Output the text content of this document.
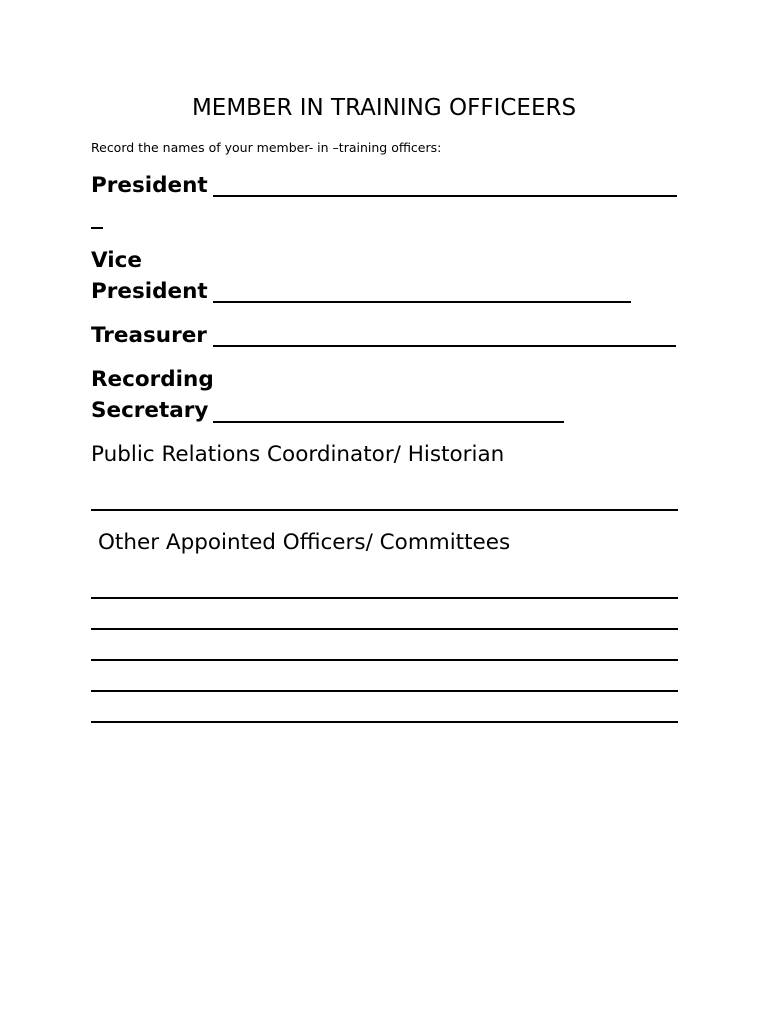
MEMBER IN TRAINING OFFICEERS
Record the names of your member- in –training officers:
President
Vice
President
Treasurer
Recording
Secretary
Public Relations Coordinator/ Historian
Other Appointed Officers/ Committees
